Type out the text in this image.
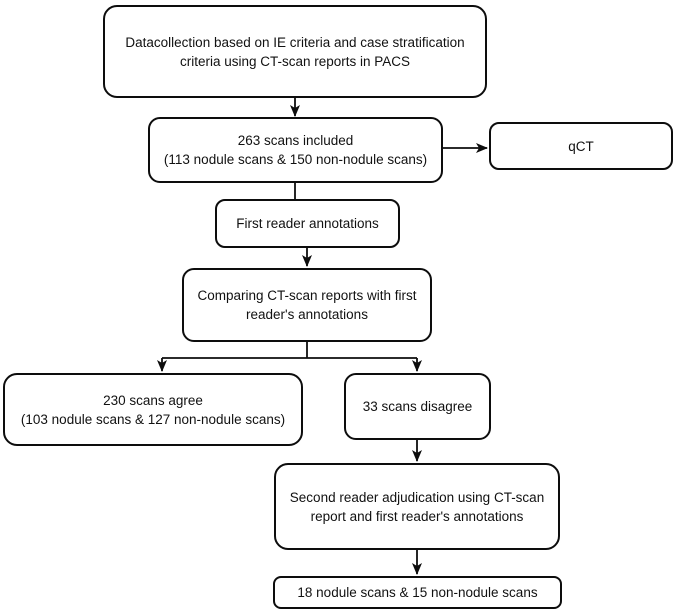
Datacollection based on IE criteria and case stratification
criteria using CT-scan reports in PACS
263 scans included
(113 nodule scans & 150 non-nodule scans)
qCT
First reader annotations
Comparing CT-scan reports with first
reader's annotations
230 scans agree
(103 nodule scans & 127 non-nodule scans)
33 scans disagree
Second reader adjudication using CT-scan
report and first reader's annotations
18 nodule scans & 15 non-nodule scans
